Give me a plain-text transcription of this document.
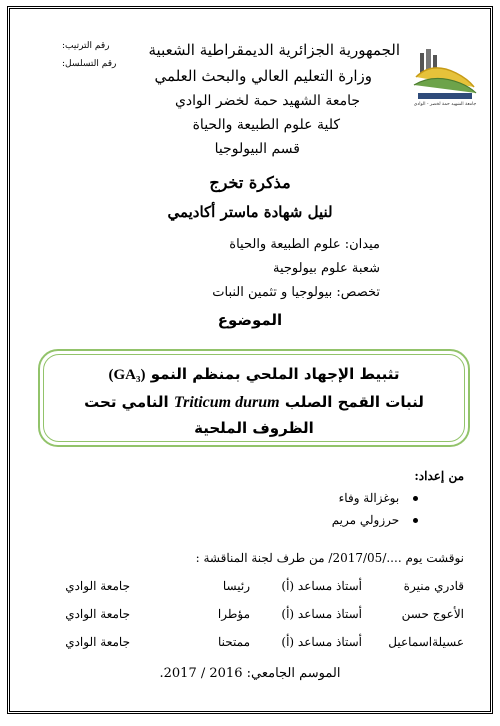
رقم الترتيب:
رقم التسلسل:
جامعة الشهيد حمة لخضر - الوادي
الجمهورية الجزائرية الديمقراطية الشعبية
وزارة التعليم العالي والبحث العلمي
جامعة الشهيد حمة لخضر الوادي
كلية علوم الطبيعة والحياة
قسم البيولوجيا
مذكرة تخرج
لنيل شهادة ماستر أكاديمي
ميدان: علوم الطبيعة والحياة
شعبة علوم بيولوجية
تخصص: بيولوجيا و تثمين النبات
الموضوع
تثبيط الإجهاد الملحي بمنظم النمو (GA₃)
لنبات القمح الصلب Triticum durum النامي تحت
الظروف الملحية
من إعداد:
بوغزالة وفاء
حرزولي مريم
نوقشت يوم ..../2017/05/ من طرف لجنة المناقشة :
قادري منيرة
أستاذ مساعد (أ)
رئيسا
جامعة الوادي
الأعوج حسن
أستاذ مساعد (أ)
مؤطرا
جامعة الوادي
عسيلةاسماعيل
أستاذ مساعد (أ)
ممتحنا
جامعة الوادي
الموسم الجامعي: 2016 / 2017.
